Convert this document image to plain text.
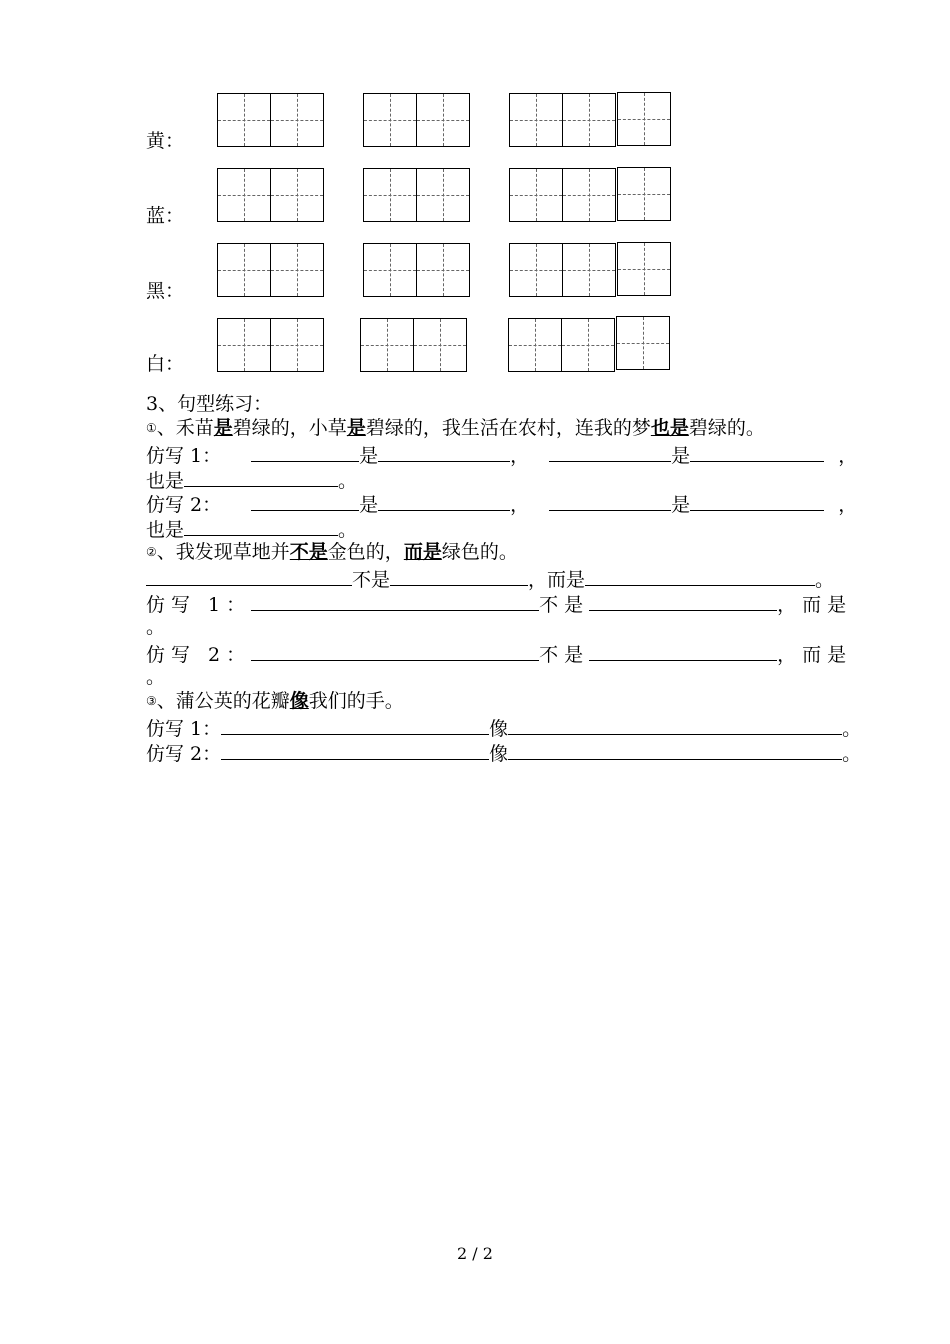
黄：
蓝：
黑：
白：
3、句型练习：
①、禾苗是碧绿的，小草是碧绿的，我生活在农村，连我的梦也是碧绿的。
仿写 1：	是	，	是	，
也是	。
仿写 2：	是	，	是	，
也是	。
②、我发现草地并不是金色的，而是绿色的。
不是	，而是	。
仿写 1：	不是	，而是
。
仿写 2：	不是	，而是
。
③、蒲公英的花瓣像我们的手。
仿写 1：	像	。
仿写 2：	像	。
2 / 2
